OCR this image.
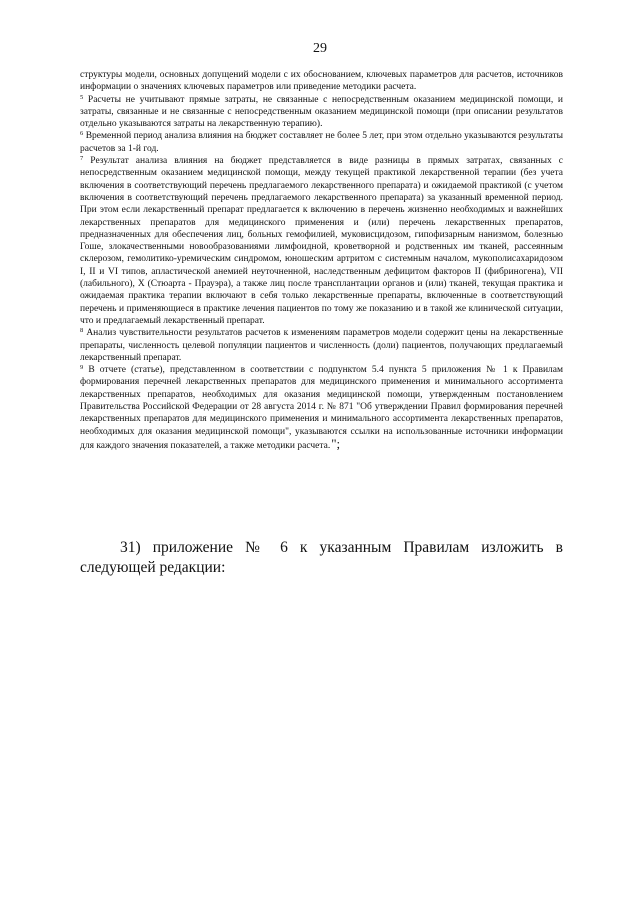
29

структуры модели, основных допущений модели с их обоснованием, ключевых параметров для расчетов, источников информации о значениях ключевых параметров или приведение методики расчета.

$^5$ Расчеты не учитывают прямые затраты, не связанные с непосредственным оказанием медицинской помощи, и затраты, связанные и не связанные с непосредственным оказанием медицинской помощи (при описании результатов отдельно указываются затраты на лекарственную терапию).

$^6$ Временной период анализа влияния на бюджет составляет не более 5 лет, при этом отдельно указываются результаты расчетов за 1-й год.

$^7$ Результат анализа влияния на бюджет представляется в виде разницы в прямых затратах, связанных с непосредственным оказанием медицинской помощи, между текущей практикой лекарственной терапии (без учета включения в соответствующий перечень предлагаемого лекарственного препарата) и ожидаемой практикой (с учетом включения в соответствующий перечень предлагаемого лекарственного препарата) за указанный временной период. При этом если лекарственный препарат предлагается к включению в перечень жизненно необходимых и важнейших лекарственных препаратов для медицинского применения и (или) перечень лекарственных препаратов, предназначенных для обеспечения лиц, больных гемофилией, муковисцидозом, гипофизарным нанизмом, болезнью Гоше, злокачественными новообразованиями лимфоидной, кроветворной и родственных им тканей, рассеянным склерозом, гемолитико-уремическим синдромом, юношеским артритом с системным началом, мукополисахаридозом I, II и VI типов, апластической анемией неуточненной, наследственным дефицитом факторов II (фибриногена), VII (лабильного), X (Стюарта - Прауэра), а также лиц после трансплантации органов и (или) тканей, текущая практика и ожидаемая практика терапии включают в себя только лекарственные препараты, включенные в соответствующий перечень и применяющиеся в практике лечения пациентов по тому же показанию и в такой же клинической ситуации, что и предлагаемый лекарственный препарат.

$^8$ Анализ чувствительности результатов расчетов к изменениям параметров модели содержит цены на лекарственные препараты, численность целевой популяции пациентов и численность (доли) пациентов, получающих предлагаемый лекарственный препарат.

$^9$ В отчете (статье), представленном в соответствии с подпунктом 5.4 пункта 5 приложения № 1 к Правилам формирования перечней лекарственных препаратов для медицинского применения и минимального ассортимента лекарственных препаратов, необходимых для оказания медицинской помощи, утвержденным постановлением Правительства Российской Федерации от 28 августа 2014 г. № 871 "Об утверждении Правил формирования перечней лекарственных препаратов для медицинского применения и минимального ассортимента лекарственных препаратов, необходимых для оказания медицинской помощи", указываются ссылки на использованные источники информации для каждого значения показателей, а также методики расчета.";

31) приложение № 6 к указанным Правилам изложить в следующей редакции:
